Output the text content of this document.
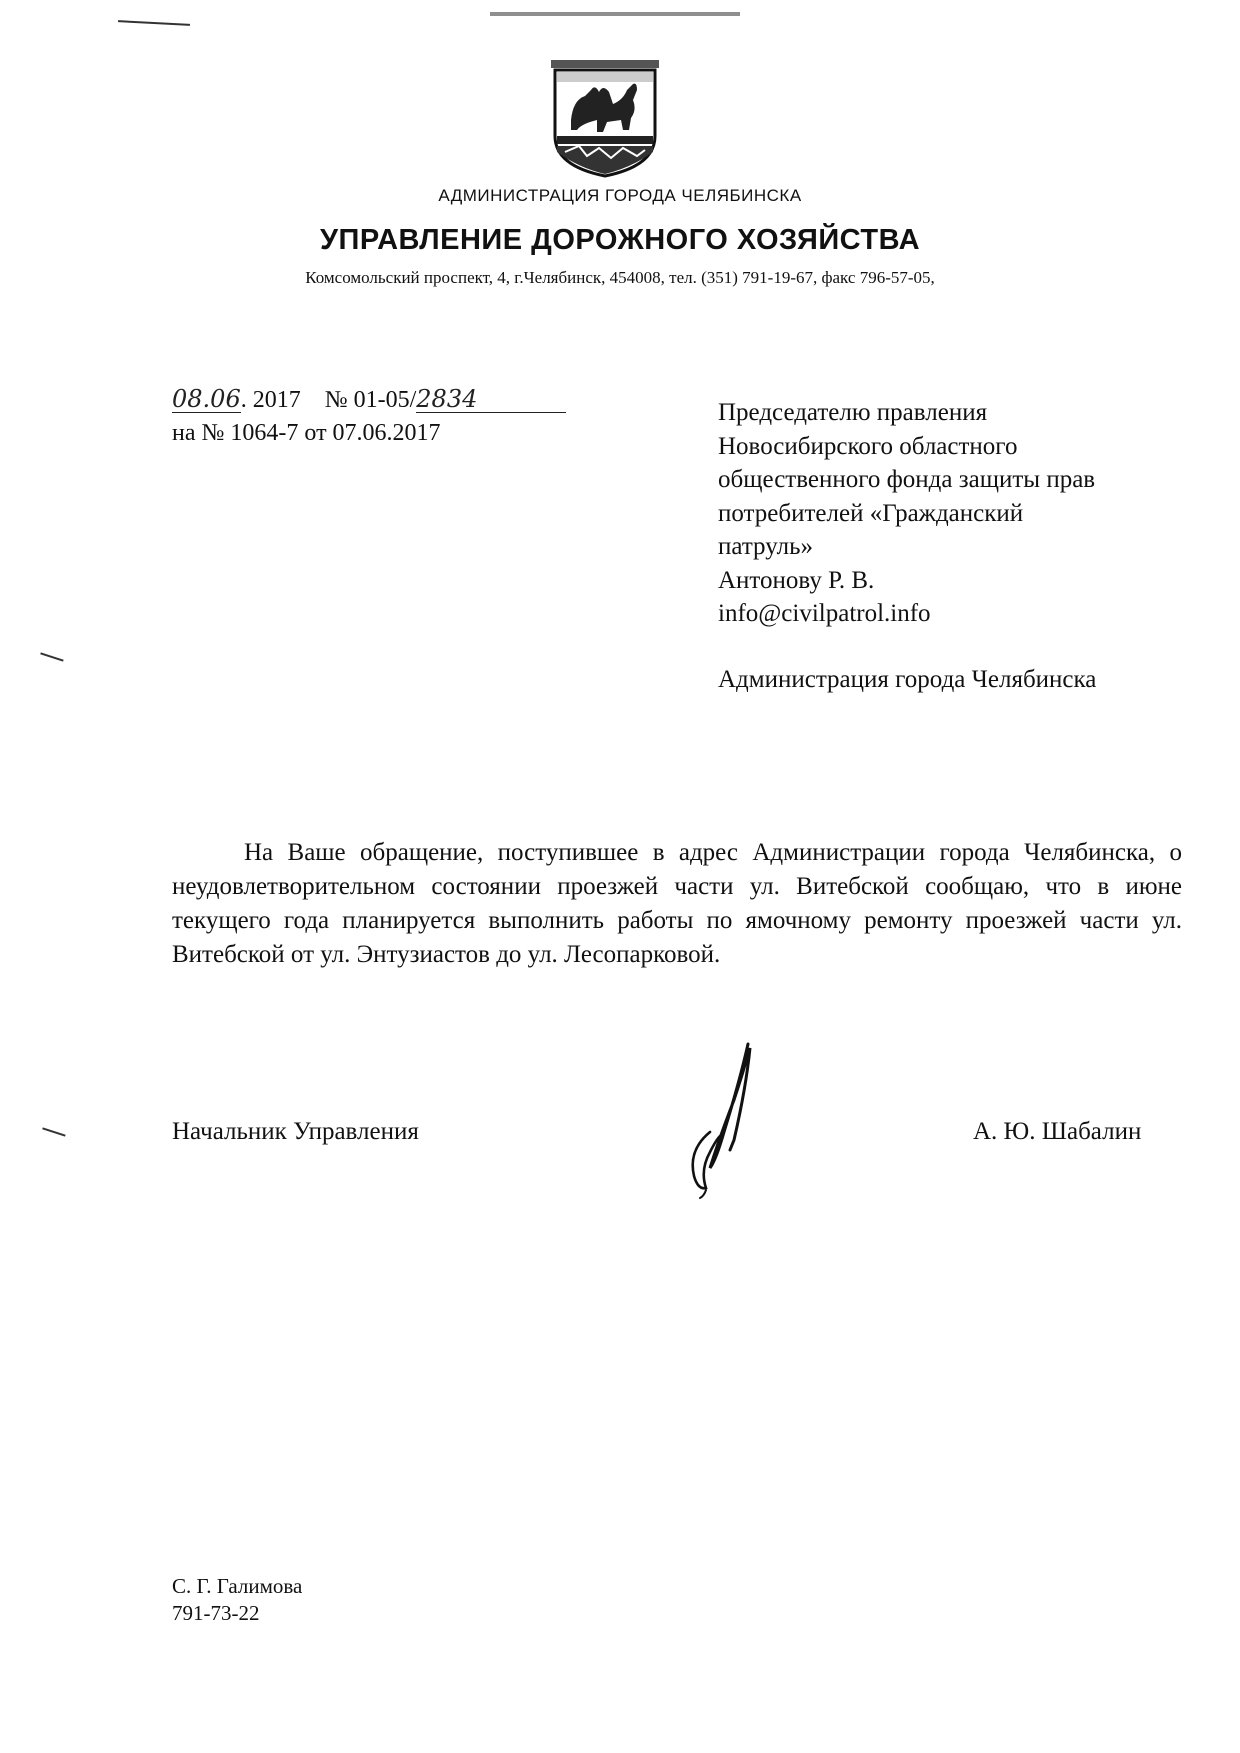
АДМИНИСТРАЦИЯ ГОРОДА ЧЕЛЯБИНСКА
УПРАВЛЕНИЕ ДОРОЖНОГО ХОЗЯЙСТВА
Комсомольский проспект, 4, г.Челябинск, 454008, тел. (351) 791-19-67, факс 796-57-05,
08.06. 2017 № 01-05/2834
на № 1064-7 от 07.06.2017
Председателю правления
Новосибирского областного
общественного фонда защиты прав
потребителей «Гражданский
патруль»
Антонову Р. В.
info@civilpatrol.info
Администрация города Челябинска
На Ваше обращение, поступившее в адрес Администрации города Челябинска, о неудовлетворительном состоянии проезжей части ул. Витебской сообщаю, что в июне текущего года планируется выполнить работы по ямочному ремонту проезжей части ул. Витебской от ул. Энтузиастов до ул. Лесопарковой.
Начальник Управления	А. Ю. Шабалин
С. Г. Галимова
791-73-22
